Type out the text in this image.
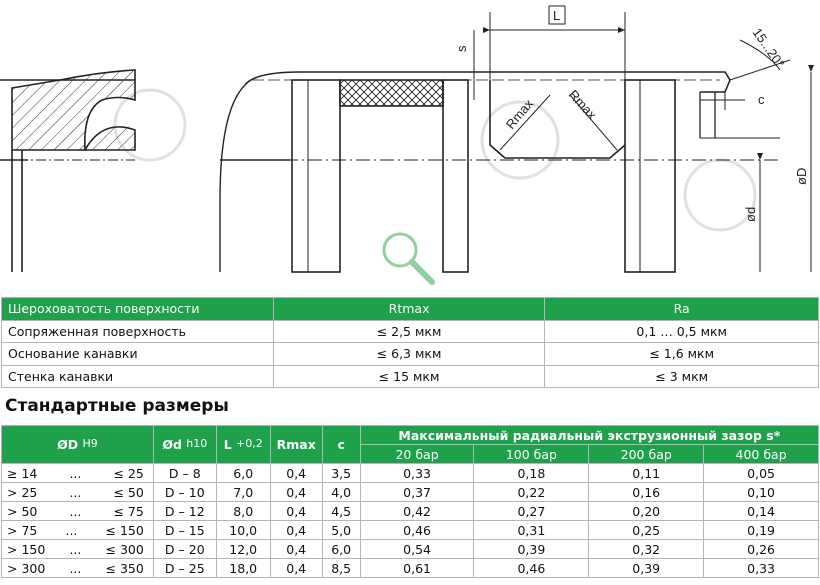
L
s	15...20°
c
Rmax Rmax
øD
ød
Шероховатость поверхности	Rtmax	Ra
Сопряженная поверхность	≤ 2,5 мкм	0,1 … 0,5 мкм
Основание канавки	≤ 6,3 мкм	≤ 1,6 мкм
Стенка канавки	≤ 15 мкм	≤ 3 мкм
Стандартные размеры
ØD H9	Ød h10	L +0,2	Rmax	c	Максимальный радиальный экструзионный зазор s*			
					20 бар	100 бар	200 бар	400 бар

≥ 14 ... ≤ 25	D – 8	6,0	0,4	3,5	0,33	0,18	0,11	0,05

> 25 ... ≤ 50	D – 10	7,0	0,4	4,0	0,37	0,22	0,16	0,10

> 50 ... ≤ 75	D – 12	8,0	0,4	4,5	0,42	0,27	0,20	0,14

> 75 ... ≤ 150	D – 15	10,0	0,4	5,0	0,46	0,31	0,25	0,19

> 150 ... ≤ 300	D – 20	12,0	0,4	6,0	0,54	0,39	0,32	0,26

> 300 ... ≤ 350	D – 25	18,0	0,4	8,5	0,61	0,46	0,39	0,33
